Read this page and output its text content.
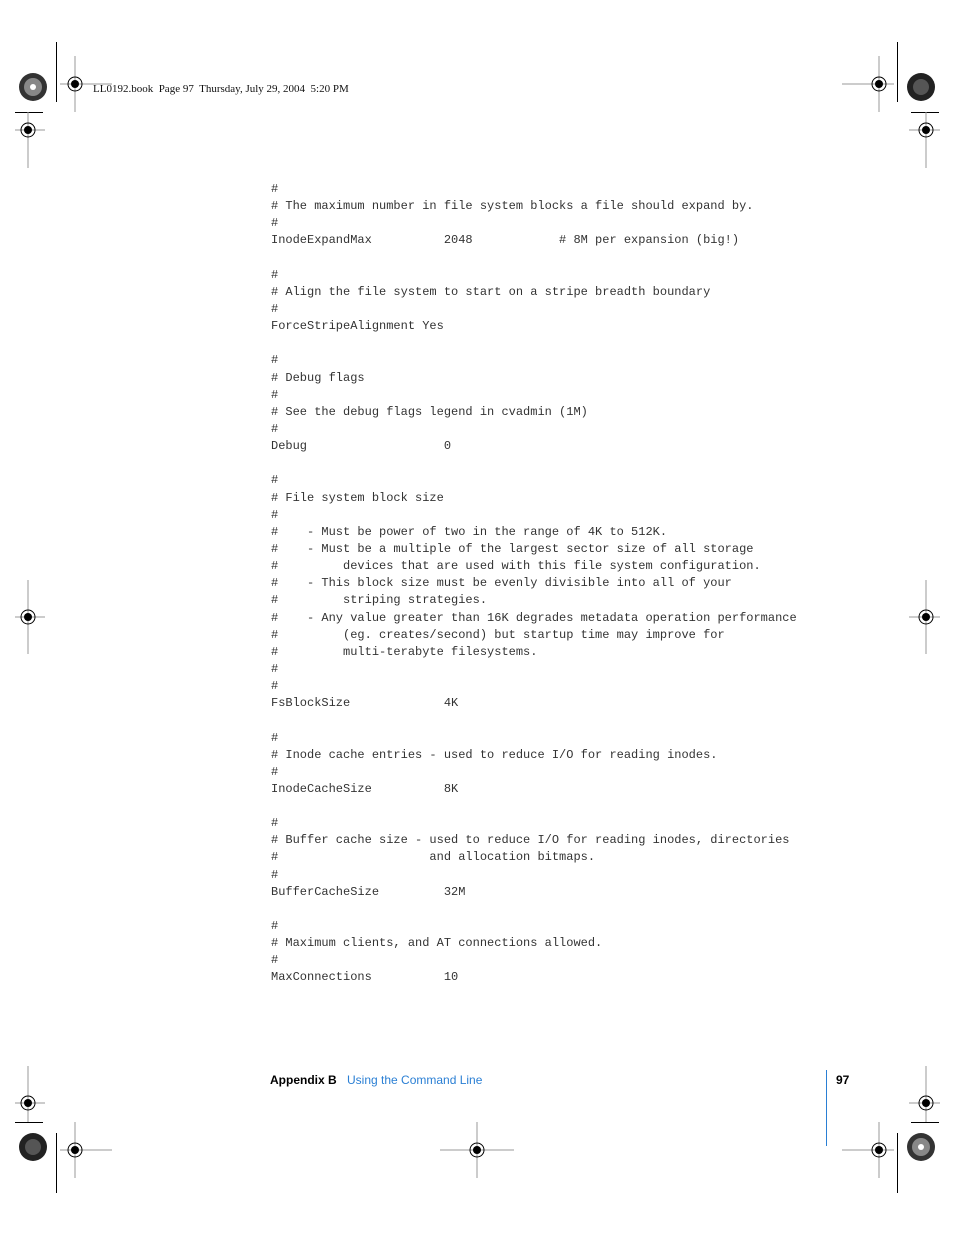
LL0192.book  Page 97  Thursday, July 29, 2004  5:20 PM
#
# The maximum number in file system blocks a file should expand by.
#
InodeExpandMax          2048            # 8M per expansion (big!)
#
# Align the file system to start on a stripe breadth boundary
#
ForceStripeAlignment Yes
#
# Debug flags
#
# See the debug flags legend in cvadmin (1M)
#
Debug                   0
#
# File system block size
#
#    - Must be power of two in the range of 4K to 512K.
#    - Must be a multiple of the largest sector size of all storage
#         devices that are used with this file system configuration.
#    - This block size must be evenly divisible into all of your
#         striping strategies.
#    - Any value greater than 16K degrades metadata operation performance
#         (eg. creates/second) but startup time may improve for
#         multi-terabyte filesystems.
#
#
FsBlockSize             4K
#
# Inode cache entries - used to reduce I/O for reading inodes.
#
InodeCacheSize          8K
#
# Buffer cache size - used to reduce I/O for reading inodes, directories
#                     and allocation bitmaps.
#
BufferCacheSize         32M
#
# Maximum clients, and AT connections allowed.
#
MaxConnections          10
Appendix B Using the Command Line	97
